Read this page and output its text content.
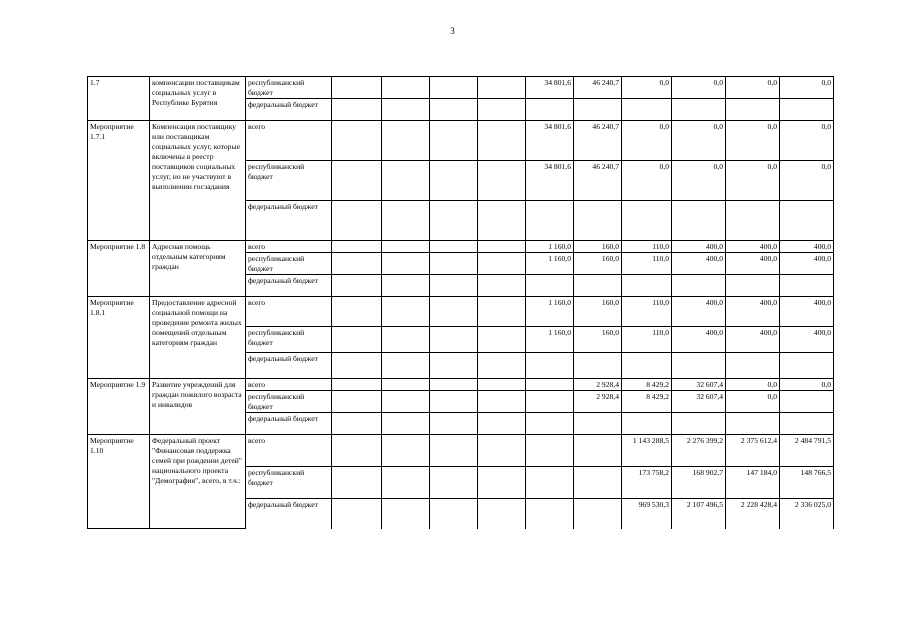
3
1.7	компенсации поставщикам социальных услуг в Республике Бурятия	республиканский бюджет					34 801,6	46 240,7	0,0	0,0	0,0	0,0
		федеральный бюджет										
Мероприятие 1.7.1	Компенсация поставщику или поставщикам социальных услуг, которые включены в реестр поставщиков социальных услуг, но не участвуют в выполнении госзадания	всего					34 801,6	46 240,7	0,0	0,0	0,0	0,0
		республиканский бюджет					34 801,6	46 240,7	0,0	0,0	0,0	0,0
		федеральный бюджет										
Мероприятие 1.8	Адресная помощь отдельным категориям граждан	всего					1 160,0	160,0	110,0	400,0	400,0	400,0
		республиканский бюджет					1 160,0	160,0	110,0	400,0	400,0	400,0
		федеральный бюджет										
Мероприятие 1.8.1	Предоставление адресной социальной помощи на проведение ремонта жилых помещений отдельным категориям граждан	всего					1 160,0	160,0	110,0	400,0	400,0	400,0
		республиканский бюджет					1 160,0	160,0	110,0	400,0	400,0	400,0
		федеральный бюджет										
Мероприятие 1.9	Развитие учреждений для граждан пожилого возраста и инвалидов	всего						2 928,4	8 429,2	32 607,4	0,0	0,0
		республиканский бюджет						2 928,4	8 429,2	32 607,4	0,0	
		федеральный бюджет										
Мероприятие 1.10	Федеральный проект "Финансовая поддержка семей при рождении детей" национального проекта "Демография", всего, в т.ч.:	всего							1 143 288,5	2 276 399,2	2 375 612,4	2 484 791,5
		республиканский бюджет							173 758,2	168 902,7	147 184,0	148 766,5
		федеральный бюджет							969 530,3	2 107 496,5	2 228 428,4	2 336 025,0
